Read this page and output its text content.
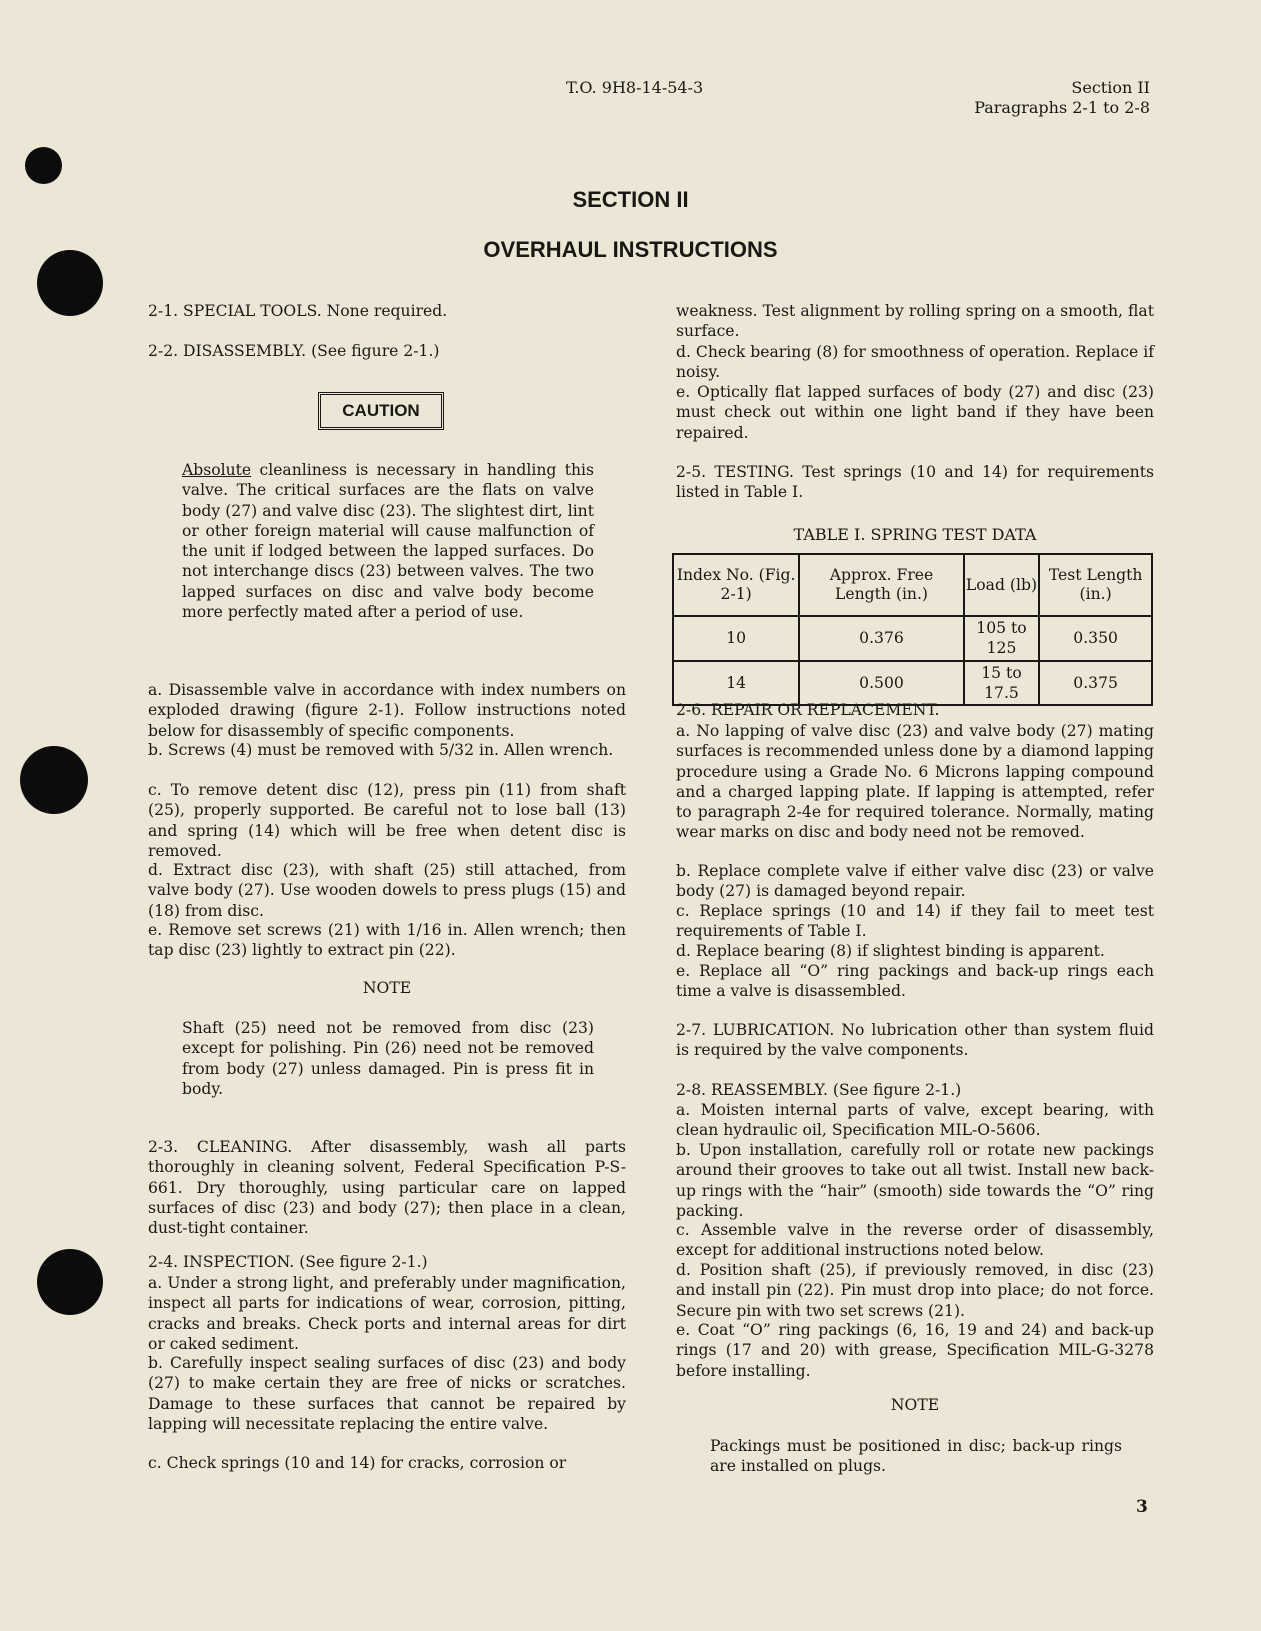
T.O. 9H8-14-54-3	Section II
Paragraphs 2-1 to 2-8
SECTION II
OVERHAUL INSTRUCTIONS
2-1. SPECIAL TOOLS. None required.
2-2. DISASSEMBLY. (See figure 2-1.)
CAUTION
Absolute cleanliness is necessary in handling this valve. The critical surfaces are the flats on valve body (27) and valve disc (23). The slightest dirt, lint or other foreign material will cause malfunction of the unit if lodged between the lapped surfaces. Do not interchange discs (23) between valves. The two lapped surfaces on disc and valve body become more perfectly mated after a period of use.
a. Disassemble valve in accordance with index numbers on exploded drawing (figure 2-1). Follow instructions noted below for disassembly of specific components.
b. Screws (4) must be removed with 5/32 in. Allen wrench.
c. To remove detent disc (12), press pin (11) from shaft (25), properly supported. Be careful not to lose ball (13) and spring (14) which will be free when detent disc is removed.
d. Extract disc (23), with shaft (25) still attached, from valve body (27). Use wooden dowels to press plugs (15) and (18) from disc.
e. Remove set screws (21) with 1/16 in. Allen wrench; then tap disc (23) lightly to extract pin (22).
NOTE
Shaft (25) need not be removed from disc (23) except for polishing. Pin (26) need not be removed from body (27) unless damaged. Pin is press fit in body.
2-3. CLEANING. After disassembly, wash all parts thoroughly in cleaning solvent, Federal Specification P-S-661. Dry thoroughly, using particular care on lapped surfaces of disc (23) and body (27); then place in a clean, dust-tight container.
2-4. INSPECTION. (See figure 2-1.)
a. Under a strong light, and preferably under magnification, inspect all parts for indications of wear, corrosion, pitting, cracks and breaks. Check ports and internal areas for dirt or caked sediment.
b. Carefully inspect sealing surfaces of disc (23) and body (27) to make certain they are free of nicks or scratches. Damage to these surfaces that cannot be repaired by lapping will necessitate replacing the entire valve.
c. Check springs (10 and 14) for cracks, corrosion or
weakness. Test alignment by rolling spring on a smooth, flat surface.
d. Check bearing (8) for smoothness of operation. Replace if noisy.
e. Optically flat lapped surfaces of body (27) and disc (23) must check out within one light band if they have been repaired.
2-5. TESTING. Test springs (10 and 14) for requirements listed in Table I.
TABLE I. SPRING TEST DATA
Index No. (Fig. 2-1)	Approx. Free Length (in.)	Load (lb)	Test Length (in.)
10	0.376	105 to 125	0.350
14	0.500	15 to 17.5	0.375
2-6. REPAIR OR REPLACEMENT.
a. No lapping of valve disc (23) and valve body (27) mating surfaces is recommended unless done by a diamond lapping procedure using a Grade No. 6 Microns lapping compound and a charged lapping plate. If lapping is attempted, refer to paragraph 2-4e for required tolerance. Normally, mating wear marks on disc and body need not be removed.
b. Replace complete valve if either valve disc (23) or valve body (27) is damaged beyond repair.
c. Replace springs (10 and 14) if they fail to meet test requirements of Table I.
d. Replace bearing (8) if slightest binding is apparent.
e. Replace all “O” ring packings and back-up rings each time a valve is disassembled.
2-7. LUBRICATION. No lubrication other than system fluid is required by the valve components.
2-8. REASSEMBLY. (See figure 2-1.)
a. Moisten internal parts of valve, except bearing, with clean hydraulic oil, Specification MIL-O-5606.
b. Upon installation, carefully roll or rotate new packings around their grooves to take out all twist. Install new back-up rings with the “hair” (smooth) side towards the “O” ring packing.
c. Assemble valve in the reverse order of disassembly, except for additional instructions noted below.
d. Position shaft (25), if previously removed, in disc (23) and install pin (22). Pin must drop into place; do not force. Secure pin with two set screws (21).
e. Coat “O” ring packings (6, 16, 19 and 24) and back-up rings (17 and 20) with grease, Specification MIL-G-3278 before installing.
NOTE
Packings must be positioned in disc; back-up rings are installed on plugs.
3
